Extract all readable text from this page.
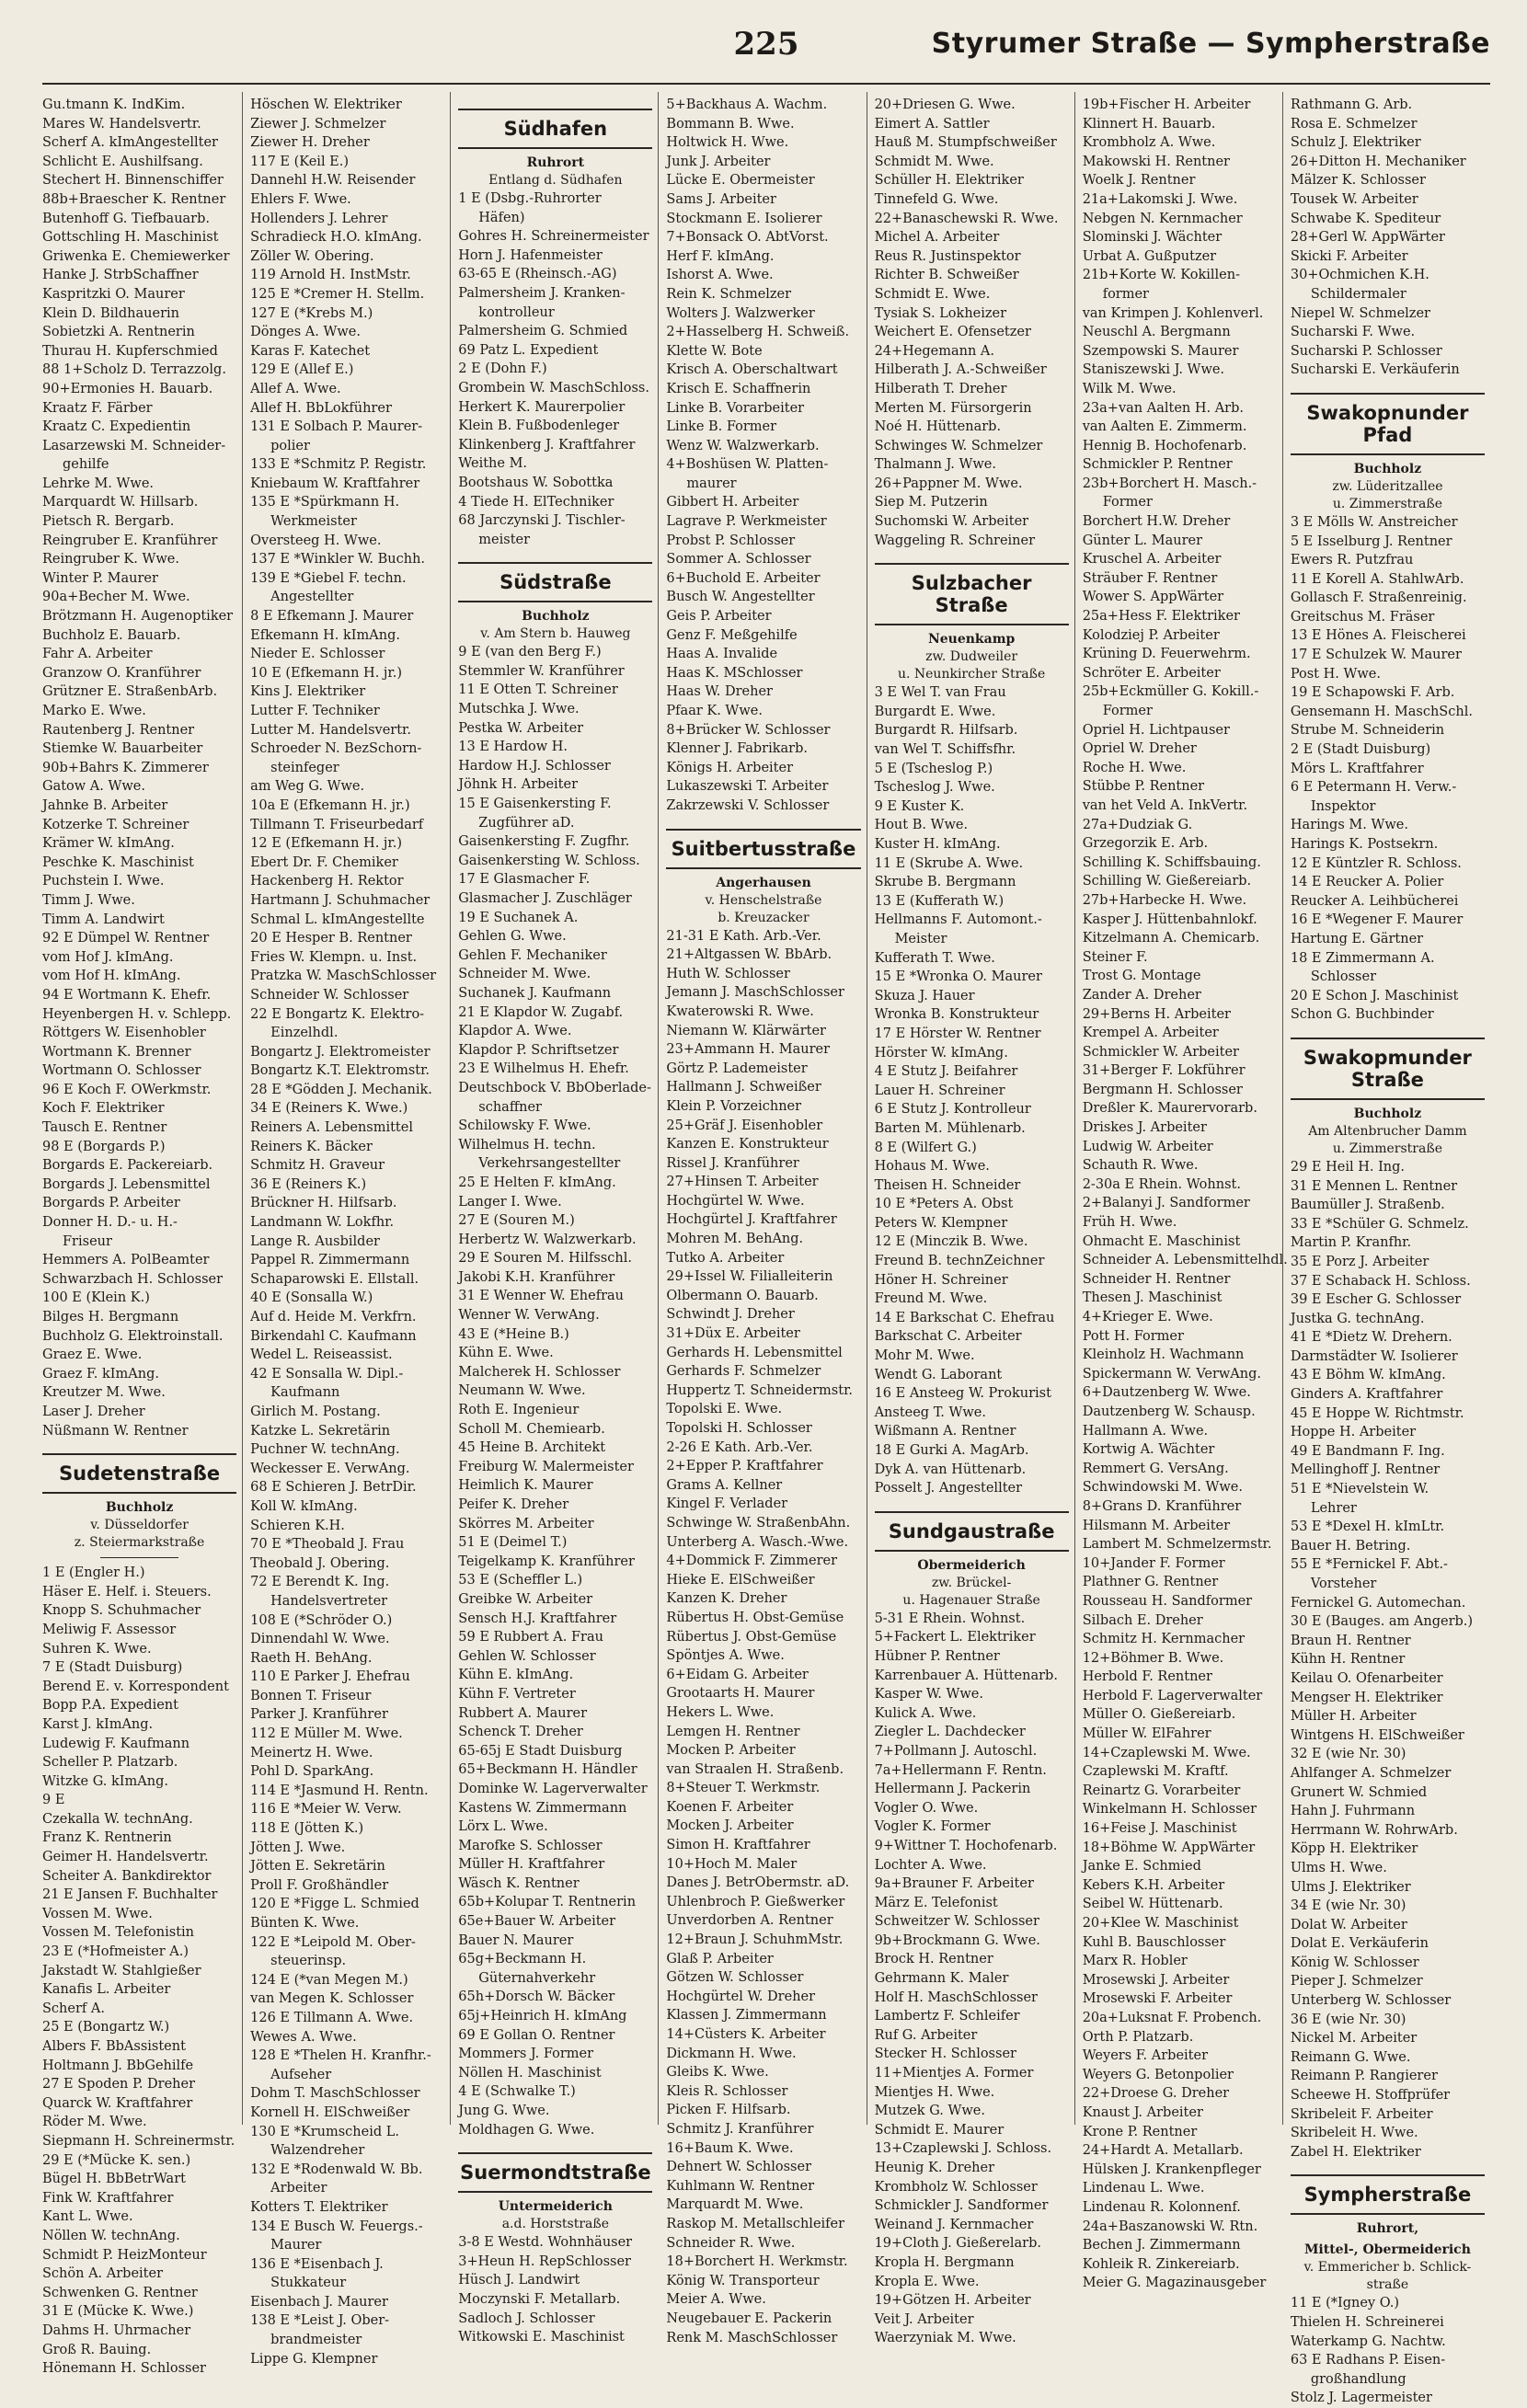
225	Styrumer Straße — Sympherstraße
Gu.tmann K. IndKim.
Mares W. Handelsvertr.
Scherf A. kImAngestellter
Schlicht E. Aushilfsang.
Stechert H. Binnenschiffer
88b+Braescher K. Rentner
Butenhoff G. Tiefbauarb.
Gottschling H. Maschinist
Griwenka E. Chemiewerker
Hanke J. StrbSchaffner
Kaspritzki O. Maurer
Klein D. Bildhauerin
Sobietzki A. Rentnerin
Thurau H. Kupferschmied
88 1+Scholz D. Terrazzolg.
90+Ermonies H. Bauarb.
Kraatz F. Färber
Kraatz C. Expedientin
Lasarzewski M. Schneider-
gehilfe
Lehrke M. Wwe.
Marquardt W. Hillsarb.
Pietsch R. Bergarb.
Reingruber E. Kranführer
Reingruber K. Wwe.
Winter P. Maurer
90a+Becher M. Wwe.
Brötzmann H. Augenoptiker
Buchholz E. Bauarb.
Fahr A. Arbeiter
Granzow O. Kranführer
Grützner E. StraßenbArb.
Marko E. Wwe.
Rautenberg J. Rentner
Stiemke W. Bauarbeiter
90b+Bahrs K. Zimmerer
Gatow A. Wwe.
Jahnke B. Arbeiter
Kotzerke T. Schreiner
Krämer W. kImAng.
Peschke K. Maschinist
Puchstein I. Wwe.
Timm J. Wwe.
Timm A. Landwirt
92 E Dümpel W. Rentner
vom Hof J. kImAng.
vom Hof H. kImAng.
94 E Wortmann K. Ehefr.
Heyenbergen H. v. Schlepp.
Röttgers W. Eisenhobler
Wortmann K. Brenner
Wortmann O. Schlosser
96 E Koch F. OWerkmstr.
Koch F. Elektriker
Tausch E. Rentner
98 E (Borgards P.)
Borgards E. Packereiarb.
Borgards J. Lebensmittel
Borgards P. Arbeiter
Donner H. D.- u. H.-
Friseur
Hemmers A. PolBeamter
Schwarzbach H. Schlosser
100 E (Klein K.)
Bilges H. Bergmann
Buchholz G. Elektroinstall.
Graez E. Wwe.
Graez F. kImAng.
Kreutzer M. Wwe.
Laser J. Dreher
Nüßmann W. Rentner
Sudetenstraße
Buchholz
v. Düsseldorfer
z. Steiermarkstraße
1 E (Engler H.)
Häser E. Helf. i. Steuers.
Knopp S. Schuhmacher
Meliwig F. Assessor
Suhren K. Wwe.
7 E (Stadt Duisburg)
Berend E. v. Korrespondent
Bopp P.A. Expedient
Karst J. kImAng.
Ludewig F. Kaufmann
Scheller P. Platzarb.
Witzke G. kImAng.
9 E
Czekalla W. technAng.
Franz K. Rentnerin
Geimer H. Handelsvertr.
Scheiter A. Bankdirektor
21 E Jansen F. Buchhalter
Vossen M. Wwe.
Vossen M. Telefonistin
23 E (*Hofmeister A.)
Jakstadt W. Stahlgießer
Kanafis L. Arbeiter
Scherf A.
25 E (Bongartz W.)
Albers F. BbAssistent
Holtmann J. BbGehilfe
27 E Spoden P. Dreher
Quarck W. Kraftfahrer
Röder M. Wwe.
Siepmann H. Schreinermstr.
29 E (*Mücke K. sen.)
Bügel H. BbBetrWart
Fink W. Kraftfahrer
Kant L. Wwe.
Nöllen W. technAng.
Schmidt P. HeizMonteur
Schön A. Arbeiter
Schwenken G. Rentner
31 E (Mücke K. Wwe.)
Dahms H. Uhrmacher
Groß R. Bauing.
Hönemann H. Schlosser
Höschen W. Elektriker
Ziewer J. Schmelzer
Ziewer H. Dreher
117 E (Keil E.)
Dannehl H.W. Reisender
Ehlers F. Wwe.
Hollenders J. Lehrer
Schradieck H.O. kImAng.
Zöller W. Obering.
119 Arnold H. InstMstr.
125 E *Cremer H. Stellm.
127 E (*Krebs M.)
Dönges A. Wwe.
Karas F. Katechet
129 E (Allef E.)
Allef A. Wwe.
Allef H. BbLokführer
131 E Solbach P. Maurer-
polier
133 E *Schmitz P. Registr.
Kniebaum W. Kraftfahrer
135 E *Spürkmann H.
Werkmeister
Oversteeg H. Wwe.
137 E *Winkler W. Buchh.
139 E *Giebel F. techn.
Angestellter
8 E Efkemann J. Maurer
Efkemann H. kImAng.
Nieder E. Schlosser
10 E (Efkemann H. jr.)
Kins J. Elektriker
Lutter F. Techniker
Lutter M. Handelsvertr.
Schroeder N. BezSchorn-
steinfeger
am Weg G. Wwe.
10a E (Efkemann H. jr.)
Tillmann T. Friseurbedarf
12 E (Efkemann H. jr.)
Ebert Dr. F. Chemiker
Hackenberg H. Rektor
Hartmann J. Schuhmacher
Schmal L. kImAngestellte
20 E Hesper B. Rentner
Fries W. Klempn. u. Inst.
Pratzka W. MaschSchlosser
Schneider W. Schlosser
22 E Bongartz K. Elektro-
Einzelhdl.
Bongartz J. Elektromeister
Bongartz K.T. Elektromstr.
28 E *Gödden J. Mechanik.
34 E (Reiners K. Wwe.)
Reiners A. Lebensmittel
Reiners K. Bäcker
Schmitz H. Graveur
36 E (Reiners K.)
Brückner H. Hilfsarb.
Landmann W. Lokfhr.
Lange R. Ausbilder
Pappel R. Zimmermann
Schaparowski E. Ellstall.
40 E (Sonsalla W.)
Auf d. Heide M. Verkfrn.
Birkendahl C. Kaufmann
Wedel L. Reiseassist.
42 E Sonsalla W. Dipl.-
Kaufmann
Girlich M. Postang.
Katzke L. Sekretärin
Puchner W. technAng.
Weckesser E. VerwAng.
68 E Schieren J. BetrDir.
Koll W. kImAng.
Schieren K.H.
70 E *Theobald J. Frau
Theobald J. Obering.
72 E Berendt K. Ing.
Handelsvertreter
108 E (*Schröder O.)
Dinnendahl W. Wwe.
Raeth H. BehAng.
110 E Parker J. Ehefrau
Bonnen T. Friseur
Parker J. Kranführer
112 E Müller M. Wwe.
Meinertz H. Wwe.
Pohl D. SparkAng.
114 E *Jasmund H. Rentn.
116 E *Meier W. Verw.
118 E (Jötten K.)
Jötten J. Wwe.
Jötten E. Sekretärin
Proll F. Großhändler
120 E *Figge L. Schmied
Bünten K. Wwe.
122 E *Leipold M. Ober-
steuerinsp.
124 E (*van Megen M.)
van Megen K. Schlosser
126 E Tillmann A. Wwe.
Wewes A. Wwe.
128 E *Thelen H. Kranfhr.-
Aufseher
Dohm T. MaschSchlosser
Kornell H. ElSchweißer
130 E *Krumscheid L.
Walzendreher
132 E *Rodenwald W. Bb.
Arbeiter
Kotters T. Elektriker
134 E Busch W. Feuergs.-
Maurer
136 E *Eisenbach J.
Stukkateur
Eisenbach J. Maurer
138 E *Leist J. Ober-
brandmeister
Lippe G. Klempner
Südhafen
Ruhrort
Entlang d. Südhafen
1 E (Dsbg.-Ruhrorter
Häfen)
Gohres H. Schreinermeister
Horn J. Hafenmeister
63-65 E (Rheinsch.-AG)
Palmersheim J. Kranken-
kontrolleur
Palmersheim G. Schmied
69 Patz L. Expedient
2 E (Dohn F.)
Grombein W. MaschSchloss.
Herkert K. Maurerpolier
Klein B. Fußbodenleger
Klinkenberg J. Kraftfahrer
Weithe M.
Bootshaus W. Sobottka
4 Tiede H. ElTechniker
68 Jarczynski J. Tischler-
meister
Südstraße
Buchholz
v. Am Stern b. Hauweg
9 E (van den Berg F.)
Stemmler W. Kranführer
11 E Otten T. Schreiner
Mutschka J. Wwe.
Pestka W. Arbeiter
13 E Hardow H.
Hardow H.J. Schlosser
Jöhnk H. Arbeiter
15 E Gaisenkersting F.
Zugführer aD.
Gaisenkersting F. Zugfhr.
Gaisenkersting W. Schloss.
17 E Glasmacher F.
Glasmacher J. Zuschläger
19 E Suchanek A.
Gehlen G. Wwe.
Gehlen F. Mechaniker
Schneider M. Wwe.
Suchanek J. Kaufmann
21 E Klapdor W. Zugabf.
Klapdor A. Wwe.
Klapdor P. Schriftsetzer
23 E Wilhelmus H. Ehefr.
Deutschbock V. BbOberlade-
schaffner
Schilowsky F. Wwe.
Wilhelmus H. techn.
Verkehrsangestellter
25 E Helten F. kImAng.
Langer I. Wwe.
27 E (Souren M.)
Herbertz W. Walzwerkarb.
29 E Souren M. Hilfsschl.
Jakobi K.H. Kranführer
31 E Wenner W. Ehefrau
Wenner W. VerwAng.
43 E (*Heine B.)
Kühn E. Wwe.
Malcherek H. Schlosser
Neumann W. Wwe.
Roth E. Ingenieur
Scholl M. Chemiearb.
45 Heine B. Architekt
Freiburg W. Malermeister
Heimlich K. Maurer
Peifer K. Dreher
Skörres M. Arbeiter
51 E (Deimel T.)
Teigelkamp K. Kranführer
53 E (Scheffler L.)
Greibke W. Arbeiter
Sensch H.J. Kraftfahrer
59 E Rubbert A. Frau
Gehlen W. Schlosser
Kühn E. kImAng.
Kühn F. Vertreter
Rubbert A. Maurer
Schenck T. Dreher
65-65j E Stadt Duisburg
65+Beckmann H. Händler
Dominke W. Lagerverwalter
Kastens W. Zimmermann
Lörx L. Wwe.
Marofke S. Schlosser
Müller H. Kraftfahrer
Wäsch K. Rentner
65b+Kolupar T. Rentnerin
65e+Bauer W. Arbeiter
Bauer N. Maurer
65g+Beckmann H.
Güternahverkehr
65h+Dorsch W. Bäcker
65j+Heinrich H. kImAng
69 E Gollan O. Rentner
Mommers J. Former
Nöllen H. Maschinist
4 E (Schwalke T.)
Jung G. Wwe.
Moldhagen G. Wwe.
Suermondtstraße
Untermeiderich
a.d. Horststraße
3-8 E Westd. Wohnhäuser
3+Heun H. RepSchlosser
Hüsch J. Landwirt
Moczynski F. Metallarb.
Sadloch J. Schlosser
Witkowski E. Maschinist
5+Backhaus A. Wachm.
Bommann B. Wwe.
Holtwick H. Wwe.
Junk J. Arbeiter
Lücke E. Obermeister
Sams J. Arbeiter
Stockmann E. Isolierer
7+Bonsack O. AbtVorst.
Herf F. kImAng.
Ishorst A. Wwe.
Rein K. Schmelzer
Wolters J. Walzwerker
2+Hasselberg H. Schweiß.
Klette W. Bote
Krisch A. Oberschaltwart
Krisch E. Schaffnerin
Linke B. Vorarbeiter
Linke B. Former
Wenz W. Walzwerkarb.
4+Boshüsen W. Platten-
maurer
Gibbert H. Arbeiter
Lagrave P. Werkmeister
Probst P. Schlosser
Sommer A. Schlosser
6+Buchold E. Arbeiter
Busch W. Angestellter
Geis P. Arbeiter
Genz F. Meßgehilfe
Haas A. Invalide
Haas K. MSchlosser
Haas W. Dreher
Pfaar K. Wwe.
8+Brücker W. Schlosser
Klenner J. Fabrikarb.
Königs H. Arbeiter
Lukaszewski T. Arbeiter
Zakrzewski V. Schlosser
Suitbertusstraße
Angerhausen
v. Henschelstraße
b. Kreuzacker
21-31 E Kath. Arb.-Ver.
21+Altgassen W. BbArb.
Huth W. Schlosser
Jemann J. MaschSchlosser
Kwaterowski R. Wwe.
Niemann W. Klärwärter
23+Ammann H. Maurer
Görtz P. Lademeister
Hallmann J. Schweißer
Klein P. Vorzeichner
25+Gräf J. Eisenhobler
Kanzen E. Konstrukteur
Rissel J. Kranführer
27+Hinsen T. Arbeiter
Hochgürtel W. Wwe.
Hochgürtel J. Kraftfahrer
Mohren M. BehAng.
Tutko A. Arbeiter
29+Issel W. Filialleiterin
Olbermann O. Bauarb.
Schwindt J. Dreher
31+Düx E. Arbeiter
Gerhards H. Lebensmittel
Gerhards F. Schmelzer
Huppertz T. Schneidermstr.
Topolski E. Wwe.
Topolski H. Schlosser
2-26 E Kath. Arb.-Ver.
2+Epper P. Kraftfahrer
Grams A. Kellner
Kingel F. Verlader
Schwinge W. StraßenbAhn.
Unterberg A. Wasch.-Wwe.
4+Dommick F. Zimmerer
Hieke E. ElSchweißer
Kanzen K. Dreher
Rübertus H. Obst-Gemüse
Rübertus J. Obst-Gemüse
Spöntjes A. Wwe.
6+Eidam G. Arbeiter
Grootaarts H. Maurer
Hekers L. Wwe.
Lemgen H. Rentner
Mocken P. Arbeiter
van Straalen H. Straßenb.
8+Steuer T. Werkmstr.
Koenen F. Arbeiter
Mocken J. Arbeiter
Simon H. Kraftfahrer
10+Hoch M. Maler
Danes J. BetrObermstr. aD.
Uhlenbroch P. Gießwerker
Unverdorben A. Rentner
12+Braun J. SchuhmMstr.
Glaß P. Arbeiter
Götzen W. Schlosser
Hochgürtel W. Dreher
Klassen J. Zimmermann
14+Cüsters K. Arbeiter
Dickmann H. Wwe.
Gleibs K. Wwe.
Kleis R. Schlosser
Picken F. Hilfsarb.
Schmitz J. Kranführer
16+Baum K. Wwe.
Dehnert W. Schlosser
Kuhlmann W. Rentner
Marquardt M. Wwe.
Raskop M. Metallschleifer
Schneider R. Wwe.
18+Borchert H. Werkmstr.
König W. Transporteur
Meier A. Wwe.
Neugebauer E. Packerin
Renk M. MaschSchlosser
20+Driesen G. Wwe.
Eimert A. Sattler
Hauß M. Stumpfschweißer
Schmidt M. Wwe.
Schüller H. Elektriker
Tinnefeld G. Wwe.
22+Banaschewski R. Wwe.
Michel A. Arbeiter
Reus R. Justinspektor
Richter B. Schweißer
Schmidt E. Wwe.
Tysiak S. Lokheizer
Weichert E. Ofensetzer
24+Hegemann A.
Hilberath J. A.-Schweißer
Hilberath T. Dreher
Merten M. Fürsorgerin
Noé H. Hüttenarb.
Schwinges W. Schmelzer
Thalmann J. Wwe.
26+Pappner M. Wwe.
Siep M. Putzerin
Suchomski W. Arbeiter
Waggeling R. Schreiner
Sulzbacher Straße
Neuenkamp
zw. Dudweiler
u. Neunkircher Straße
3 E Wel T. van Frau
Burgardt E. Wwe.
Burgardt R. Hilfsarb.
van Wel T. Schiffsfhr.
5 E (Tscheslog P.)
Tscheslog J. Wwe.
9 E Kuster K.
Hout B. Wwe.
Kuster H. kImAng.
11 E (Skrube A. Wwe.
Skrube B. Bergmann
13 E (Kufferath W.)
Hellmanns F. Automont.-
Meister
Kufferath T. Wwe.
15 E *Wronka O. Maurer
Skuza J. Hauer
Wronka B. Konstrukteur
17 E Hörster W. Rentner
Hörster W. kImAng.
4 E Stutz J. Beifahrer
Lauer H. Schreiner
6 E Stutz J. Kontrolleur
Barten M. Mühlenarb.
8 E (Wilfert G.)
Hohaus M. Wwe.
Theisen H. Schneider
10 E *Peters A. Obst
Peters W. Klempner
12 E (Minczik B. Wwe.
Freund B. technZeichner
Höner H. Schreiner
Freund M. Wwe.
14 E Barkschat C. Ehefrau
Barkschat C. Arbeiter
Mohr M. Wwe.
Wendt G. Laborant
16 E Ansteeg W. Prokurist
Ansteeg T. Wwe.
Wißmann A. Rentner
18 E Gurki A. MagArb.
Dyk A. van Hüttenarb.
Posselt J. Angestellter
Sundgaustraße
Obermeiderich
zw. Brückel-
u. Hagenauer Straße
5-31 E Rhein. Wohnst.
5+Fackert L. Elektriker
Hübner P. Rentner
Karrenbauer A. Hüttenarb.
Kasper W. Wwe.
Kulick A. Wwe.
Ziegler L. Dachdecker
7+Pollmann J. Autoschl.
7a+Hellermann F. Rentn.
Hellermann J. Packerin
Vogler O. Wwe.
Vogler K. Former
9+Wittner T. Hochofenarb.
Lochter A. Wwe.
9a+Brauner F. Arbeiter
März E. Telefonist
Schweitzer W. Schlosser
9b+Brockmann G. Wwe.
Brock H. Rentner
Gehrmann K. Maler
Holf H. MaschSchlosser
Lambertz F. Schleifer
Ruf G. Arbeiter
Stecker H. Schlosser
11+Mientjes A. Former
Mientjes H. Wwe.
Mutzek G. Wwe.
Schmidt E. Maurer
13+Czaplewski J. Schloss.
Heunig K. Dreher
Krombholz W. Schlosser
Schmickler J. Sandformer
Weinand J. Kernmacher
19+Cloth J. Gießerelarb.
Kropla H. Bergmann
Kropla E. Wwe.
19+Götzen H. Arbeiter
Veit J. Arbeiter
Waerzyniak M. Wwe.
19b+Fischer H. Arbeiter
Klinnert H. Bauarb.
Krombholz A. Wwe.
Makowski H. Rentner
Woelk J. Rentner
21a+Lakomski J. Wwe.
Nebgen N. Kernmacher
Slominski J. Wächter
Urbat A. Gußputzer
21b+Korte W. Kokillen-
former
van Krimpen J. Kohlenverl.
Neuschl A. Bergmann
Szempowski S. Maurer
Staniszewski J. Wwe.
Wilk M. Wwe.
23a+van Aalten H. Arb.
van Aalten E. Zimmerm.
Hennig B. Hochofenarb.
Schmickler P. Rentner
23b+Borchert H. Masch.-
Former
Borchert H.W. Dreher
Günter L. Maurer
Kruschel A. Arbeiter
Sträuber F. Rentner
Wower S. AppWärter
25a+Hess F. Elektriker
Kolodziej P. Arbeiter
Krüning D. Feuerwehrm.
Schröter E. Arbeiter
25b+Eckmüller G. Kokill.-
Former
Opriel H. Lichtpauser
Opriel W. Dreher
Roche H. Wwe.
Stübbe P. Rentner
van het Veld A. InkVertr.
27a+Dudziak G.
Grzegorzik E. Arb.
Schilling K. Schiffsbauing.
Schilling W. Gießereiarb.
27b+Harbecke H. Wwe.
Kasper J. Hüttenbahnlokf.
Kitzelmann A. Chemicarb.
Steiner F.
Trost G. Montage
Zander A. Dreher
29+Berns H. Arbeiter
Krempel A. Arbeiter
Schmickler W. Arbeiter
31+Berger F. Lokführer
Bergmann H. Schlosser
Dreßler K. Maurervorarb.
Driskes J. Arbeiter
Ludwig W. Arbeiter
Schauth R. Wwe.
2-30a E Rhein. Wohnst.
2+Balanyi J. Sandformer
Früh H. Wwe.
Ohmacht E. Maschinist
Schneider A. Lebensmittelhdl.
Schneider H. Rentner
Thesen J. Maschinist
4+Krieger E. Wwe.
Pott H. Former
Kleinholz H. Wachmann
Spickermann W. VerwAng.
6+Dautzenberg W. Wwe.
Dautzenberg W. Schausp.
Hallmann A. Wwe.
Kortwig A. Wächter
Remmert G. VersAng.
Schwindowski M. Wwe.
8+Grans D. Kranführer
Hilsmann M. Arbeiter
Lambert M. Schmelzermstr.
10+Jander F. Former
Plathner G. Rentner
Rousseau H. Sandformer
Silbach E. Dreher
Schmitz H. Kernmacher
12+Böhmer B. Wwe.
Herbold F. Rentner
Herbold F. Lagerverwalter
Müller O. Gießereiarb.
Müller W. ElFahrer
14+Czaplewski M. Wwe.
Czaplewski M. Kraftf.
Reinartz G. Vorarbeiter
Winkelmann H. Schlosser
16+Feise J. Maschinist
18+Böhme W. AppWärter
Janke E. Schmied
Kebers K.H. Arbeiter
Seibel W. Hüttenarb.
20+Klee W. Maschinist
Kuhl B. Bauschlosser
Marx R. Hobler
Mrosewski J. Arbeiter
Mrosewski F. Arbeiter
20a+Luksnat F. Probench.
Orth P. Platzarb.
Weyers F. Arbeiter
Weyers G. Betonpolier
22+Droese G. Dreher
Knaust J. Arbeiter
Krone P. Rentner
24+Hardt A. Metallarb.
Hülsken J. Krankenpfleger
Lindenau L. Wwe.
Lindenau R. Kolonnenf.
24a+Baszanowski W. Rtn.
Bechen J. Zimmermann
Kohleik R. Zinkereiarb.
Meier G. Magazinausgeber
Rathmann G. Arb.
Rosa E. Schmelzer
Schulz J. Elektriker
26+Ditton H. Mechaniker
Mälzer K. Schlosser
Tousek W. Arbeiter
Schwabe K. Spediteur
28+Gerl W. AppWärter
Skicki F. Arbeiter
30+Ochmichen K.H.
Schildermaler
Niepel W. Schmelzer
Sucharski F. Wwe.
Sucharski P. Schlosser
Sucharski E. Verkäuferin
Swakopnunder Pfad
Buchholz
zw. Lüderitzallee
u. Zimmerstraße
3 E Mölls W. Anstreicher
5 E Isselburg J. Rentner
Ewers R. Putzfrau
11 E Korell A. StahlwArb.
Gollasch F. Straßenreinig.
Greitschus M. Fräser
13 E Hönes A. Fleischerei
17 E Schulzek W. Maurer
Post H. Wwe.
19 E Schapowski F. Arb.
Gensemann H. MaschSchl.
Strube M. Schneiderin
2 E (Stadt Duisburg)
Mörs L. Kraftfahrer
6 E Petermann H. Verw.-
Inspektor
Harings M. Wwe.
Harings K. Postsekrn.
12 E Küntzler R. Schloss.
14 E Reucker A. Polier
Reucker A. Leihbücherei
16 E *Wegener F. Maurer
Hartung E. Gärtner
18 E Zimmermann A.
Schlosser
20 E Schon J. Maschinist
Schon G. Buchbinder
Swakopmunder Straße
Buchholz
Am Altenbrucher Damm
u. Zimmerstraße
29 E Heil H. Ing.
31 E Mennen L. Rentner
Baumüller J. Straßenb.
33 E *Schüler G. Schmelz.
Martin P. Kranfhr.
35 E Porz J. Arbeiter
37 E Schaback H. Schloss.
39 E Escher G. Schlosser
Justka G. technAng.
41 E *Dietz W. Drehern.
Darmstädter W. Isolierer
43 E Böhm W. kImAng.
Ginders A. Kraftfahrer
45 E Hoppe W. Richtmstr.
Hoppe H. Arbeiter
49 E Bandmann F. Ing.
Mellinghoff J. Rentner
51 E *Nievelstein W.
Lehrer
53 E *Dexel H. kImLtr.
Bauer H. Betring.
55 E *Fernickel F. Abt.-
Vorsteher
Fernickel G. Automechan.
30 E (Bauges. am Angerb.)
Braun H. Rentner
Kühn H. Rentner
Keilau O. Ofenarbeiter
Mengser H. Elektriker
Müller H. Arbeiter
Wintgens H. ElSchweißer
32 E (wie Nr. 30)
Ahlfanger A. Schmelzer
Grunert W. Schmied
Hahn J. Fuhrmann
Herrmann W. RohrwArb.
Köpp H. Elektriker
Ulms H. Wwe.
Ulms J. Elektriker
34 E (wie Nr. 30)
Dolat W. Arbeiter
Dolat E. Verkäuferin
König W. Schlosser
Pieper J. Schmelzer
Unterberg W. Schlosser
36 E (wie Nr. 30)
Nickel M. Arbeiter
Reimann G. Wwe.
Reimann P. Rangierer
Scheewe H. Stoffprüfer
Skribeleit F. Arbeiter
Skribeleit H. Wwe.
Zabel H. Elektriker
Sympherstraße
Ruhrort,
Mittel-, Obermeiderich
v. Emmericher b. Schlick-
straße
11 E (*Igney O.)
Thielen H. Schreinerei
Waterkamp G. Nachtw.
63 E Radhans P. Eisen-
großhandlung
Stolz J. Lagermeister
